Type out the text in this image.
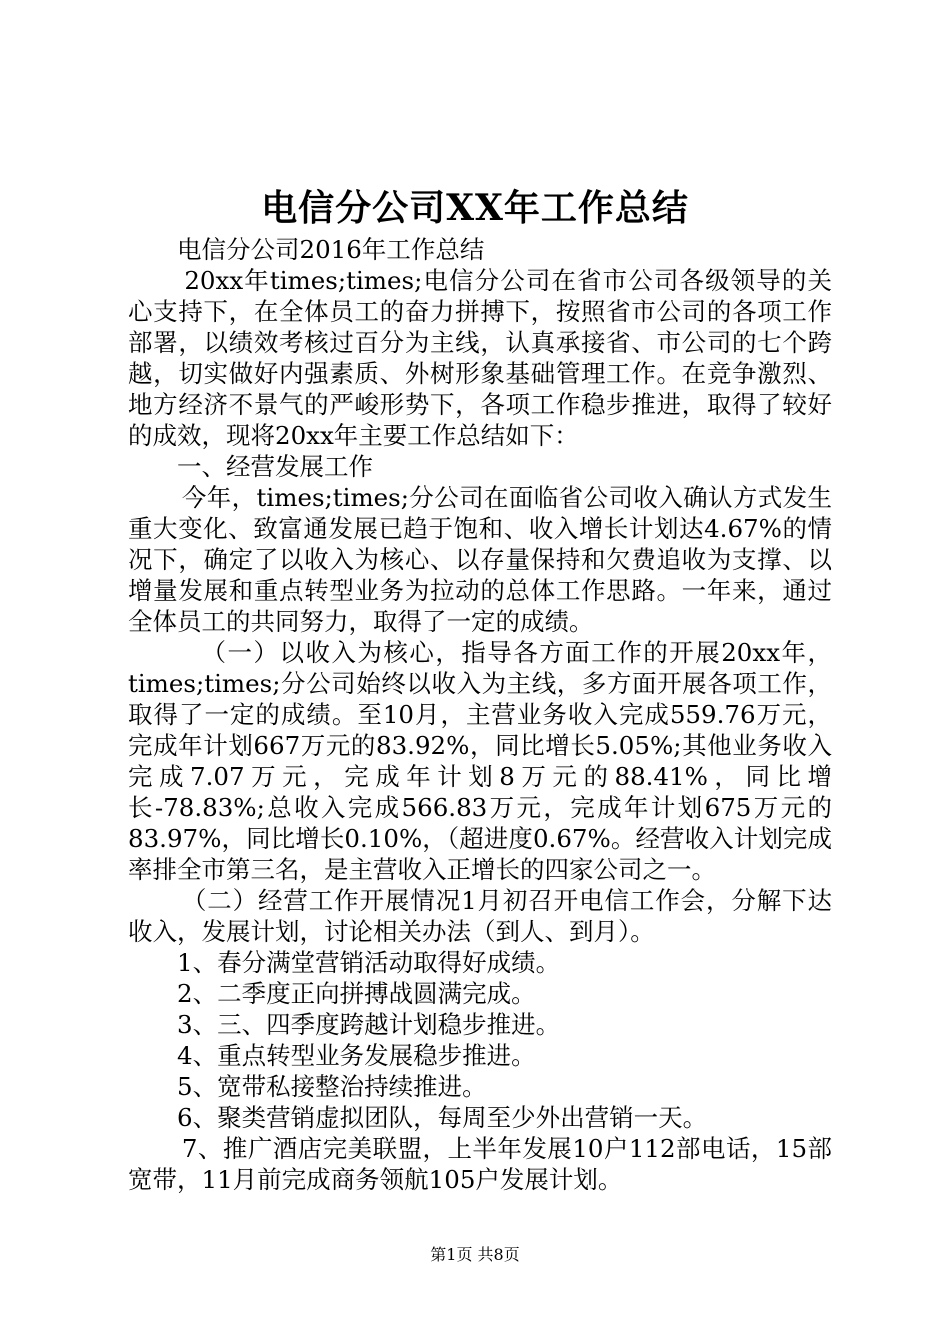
电信分公司XX年工作总结

电信分公司2016年工作总结

20xx年times;times;电信分公司在省市公司各级领导的关心支持下，在全体员工的奋力拼搏下，按照省市公司的各项工作部署，以绩效考核过百分为主线，认真承接省、市公司的七个跨越，切实做好内强素质、外树形象基础管理工作。在竞争激烈、地方经济不景气的严峻形势下，各项工作稳步推进，取得了较好的成效，现将20xx年主要工作总结如下：

一、经营发展工作

今年，times;times;分公司在面临省公司收入确认方式发生重大变化、致富通发展已趋于饱和、收入增长计划达4.67%的情况下，确定了以收入为核心、以存量保持和欠费追收为支撑、以增量发展和重点转型业务为拉动的总体工作思路。一年来，通过全体员工的共同努力，取得了一定的成绩。

（一）以收入为核心，指导各方面工作的开展20xx年，times;times;分公司始终以收入为主线，多方面开展各项工作，取得了一定的成绩。至10月，主营业务收入完成559.76万元，完成年计划667万元的83.92%，同比增长5.05%;其他业务收入完成7.07万元，完成年计划8万元的88.41%，同比增长-78.83%;总收入完成566.83万元，完成年计划675万元的83.97%，同比增长0.10%，（超进度0.67%。经营收入计划完成率排全市第三名，是主营收入正增长的四家公司之一。

（二）经营工作开展情况1月初召开电信工作会，分解下达收入，发展计划，讨论相关办法（到人、到月）。

1、春分满堂营销活动取得好成绩。

2、二季度正向拼搏战圆满完成。

3、三、四季度跨越计划稳步推进。

4、重点转型业务发展稳步推进。

5、宽带私接整治持续推进。

6、聚类营销虚拟团队，每周至少外出营销一天。

7、推广酒店完美联盟，上半年发展10户112部电话，15部宽带，11月前完成商务领航105户发展计划。

第1页 共8页
